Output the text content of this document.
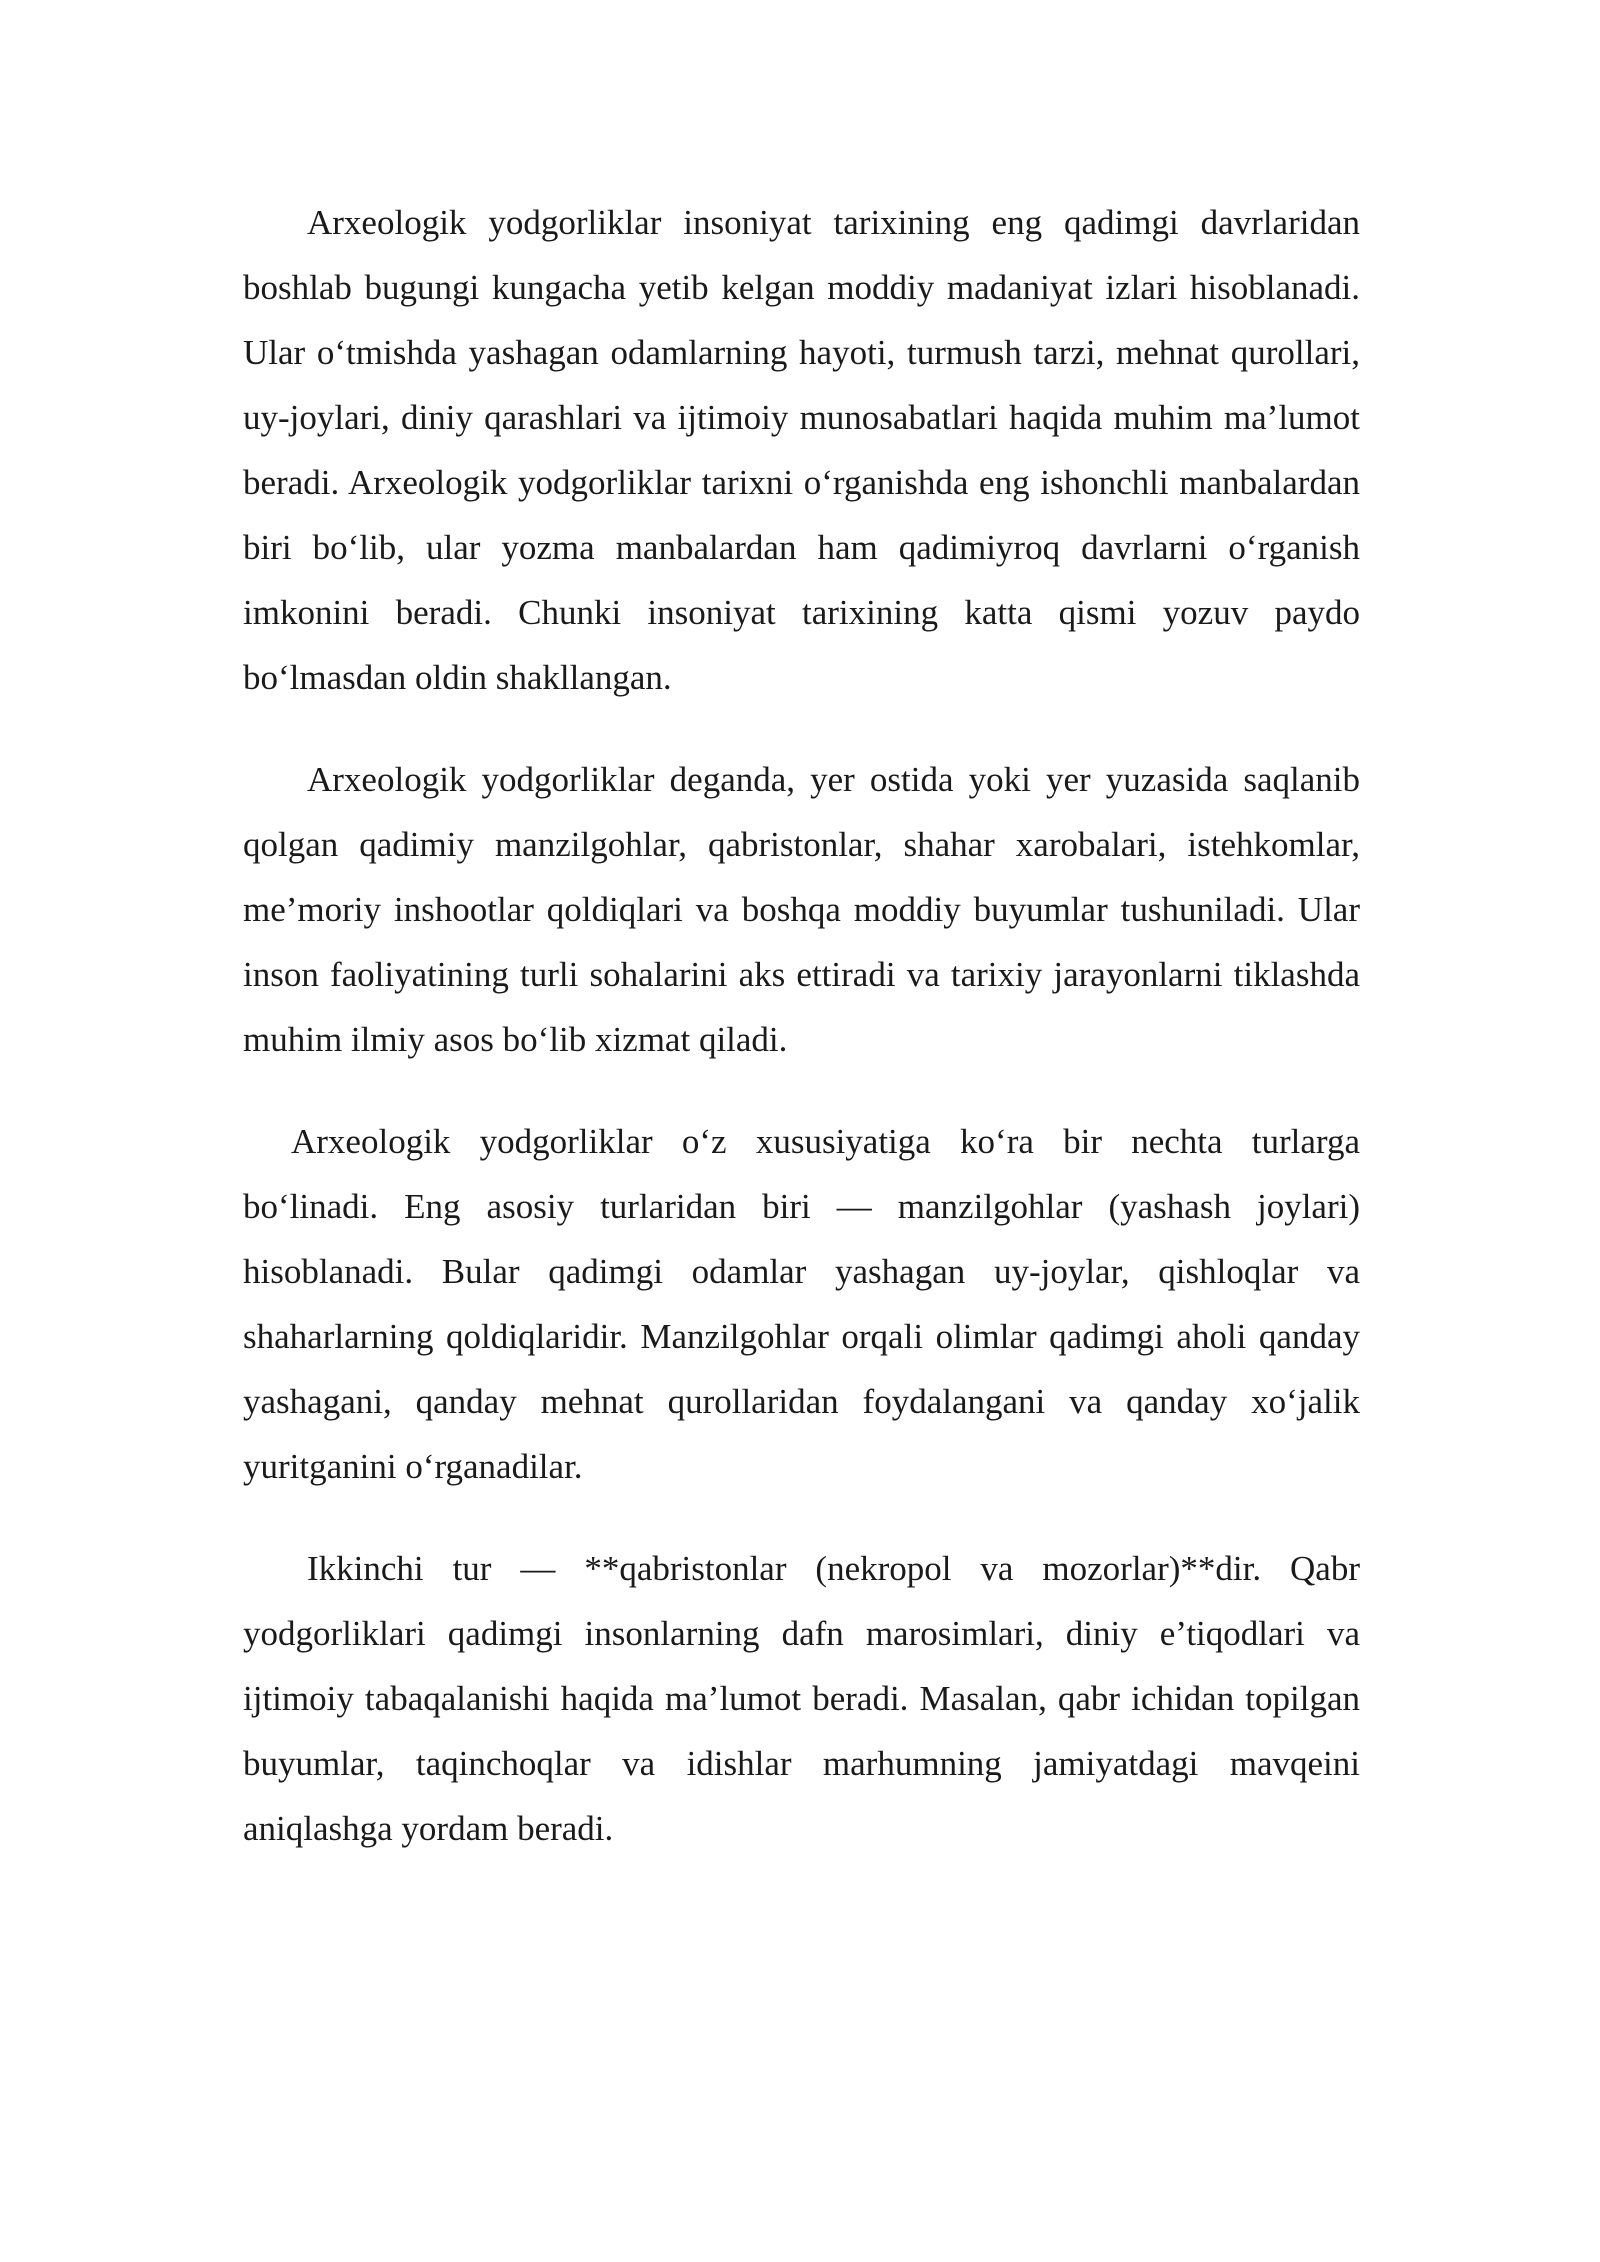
Arxeologik yodgorliklar insoniyat tarixining eng qadimgi davrlaridan boshlab bugungi kungacha yetib kelgan moddiy madaniyat izlari hisoblanadi. Ular o‘tmishda yashagan odamlarning hayoti, turmush tarzi, mehnat qurollari, uy-joylari, diniy qarashlari va ijtimoiy munosabatlari haqida muhim ma’lumot beradi. Arxeologik yodgorliklar tarixni o‘rganishda eng ishonchli manbalardan biri bo‘lib, ular yozma manbalardan ham qadimiyroq davrlarni o‘rganish imkonini beradi. Chunki insoniyat tarixining katta qismi yozuv paydo bo‘lmasdan oldin shakllangan.

Arxeologik yodgorliklar deganda, yer ostida yoki yer yuzasida saqlanib qolgan qadimiy manzilgohlar, qabristonlar, shahar xarobalari, istehkomlar, me’moriy inshootlar qoldiqlari va boshqa moddiy buyumlar tushuniladi. Ular inson faoliyatining turli sohalarini aks ettiradi va tarixiy jarayonlarni tiklashda muhim ilmiy asos bo‘lib xizmat qiladi.

Arxeologik yodgorliklar o‘z xususiyatiga ko‘ra bir nechta turlarga bo‘linadi. Eng asosiy turlaridan biri — manzilgohlar (yashash joylari) hisoblanadi. Bular qadimgi odamlar yashagan uy-joylar, qishloqlar va shaharlarning qoldiqlaridir. Manzilgohlar orqali olimlar qadimgi aholi qanday yashagani, qanday mehnat qurollaridan foydalangani va qanday xo‘jalik yuritganini o‘rganadilar.

Ikkinchi tur — **qabristonlar (nekropol va mozorlar)**dir. Qabr yodgorliklari qadimgi insonlarning dafn marosimlari, diniy e’tiqodlari va ijtimoiy tabaqalanishi haqida ma’lumot beradi. Masalan, qabr ichidan topilgan buyumlar, taqinchoqlar va idishlar marhumning jamiyatdagi mavqeini aniqlashga yordam beradi.
